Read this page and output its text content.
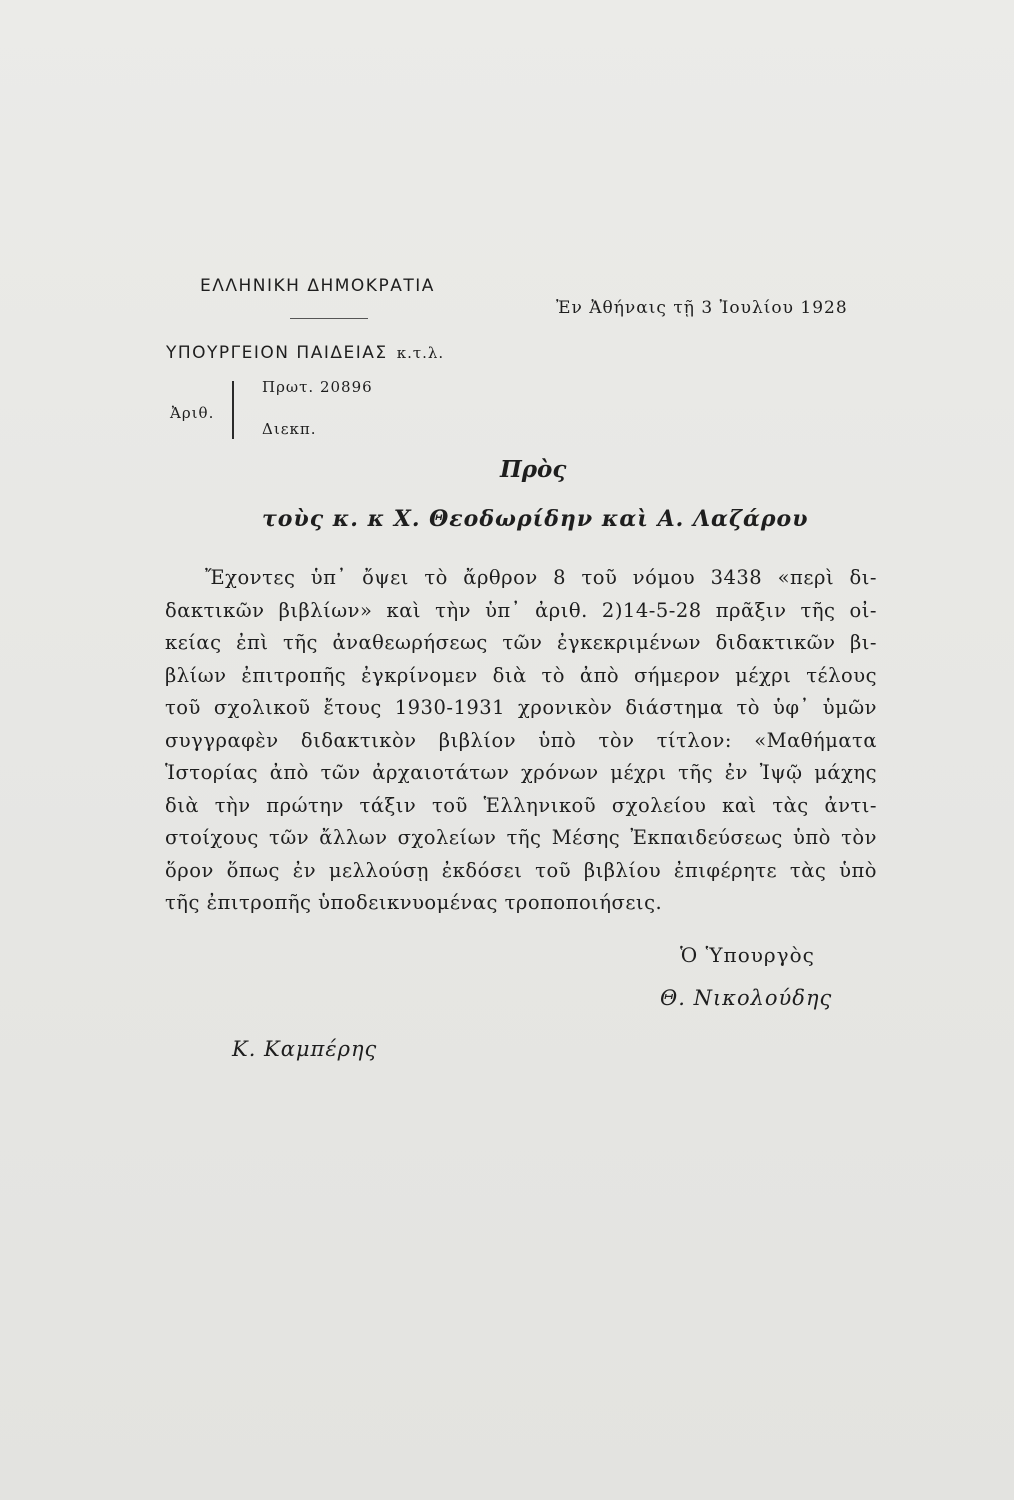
ΕΛΛΗΝΙΚΗ ΔΗΜΟΚΡΑΤΙΑ
Ἐν Ἀθήναις τῇ 3 Ἰουλίου 1928
ΥΠΟΥΡΓΕΙΟΝ ΠΑΙΔΕΙΑΣ κ.τ.λ.
Ἀριθ.
Πρωτ. 20896
Διεκπ.
Πρὸς
τοὺς κ. κ Χ. Θεοδωρίδην καὶ Α. Λαζάρου
Ἔχοντες ὑπ᾽ ὄψει τὸ ἄρθρον 8 τοῦ νόμου 3438 «περὶ δι-
δακτικῶν βιβλίων» καὶ τὴν ὑπ᾽ ἀριθ. 2)14-5-28 πρᾶξιν τῆς οἰ-
κείας ἐπὶ τῆς ἀναθεωρήσεως τῶν ἐγκεκριμένων διδακτικῶν βι-
βλίων ἐπιτροπῆς ἐγκρίνομεν διὰ τὸ ἀπὸ σήμερον μέχρι τέλους
τοῦ σχολικοῦ ἔτους 1930-1931 χρονικὸν διάστημα τὸ ὑφ᾽ ὑμῶν
συγγραφὲν διδακτικὸν βιβλίον ὑπὸ τὸν τίτλον: «Μαθήματα
Ἱστορίας ἀπὸ τῶν ἀρχαιοτάτων χρόνων μέχρι τῆς ἐν Ἰψῷ μάχης
διὰ τὴν πρώτην τάξιν τοῦ Ἑλληνικοῦ σχολείου καὶ τὰς ἀντι-
στοίχους τῶν ἄλλων σχολείων τῆς Μέσης Ἐκπαιδεύσεως ὑπὸ τὸν
ὅρον ὅπως ἐν μελλούσῃ ἐκδόσει τοῦ βιβλίου ἐπιφέρητε τὰς ὑπὸ
τῆς ἐπιτροπῆς ὑποδεικνυομένας τροποποιήσεις.
Ὁ Ὑπουργὸς
Θ. Νικολούδης
Κ. Καμπέρης
